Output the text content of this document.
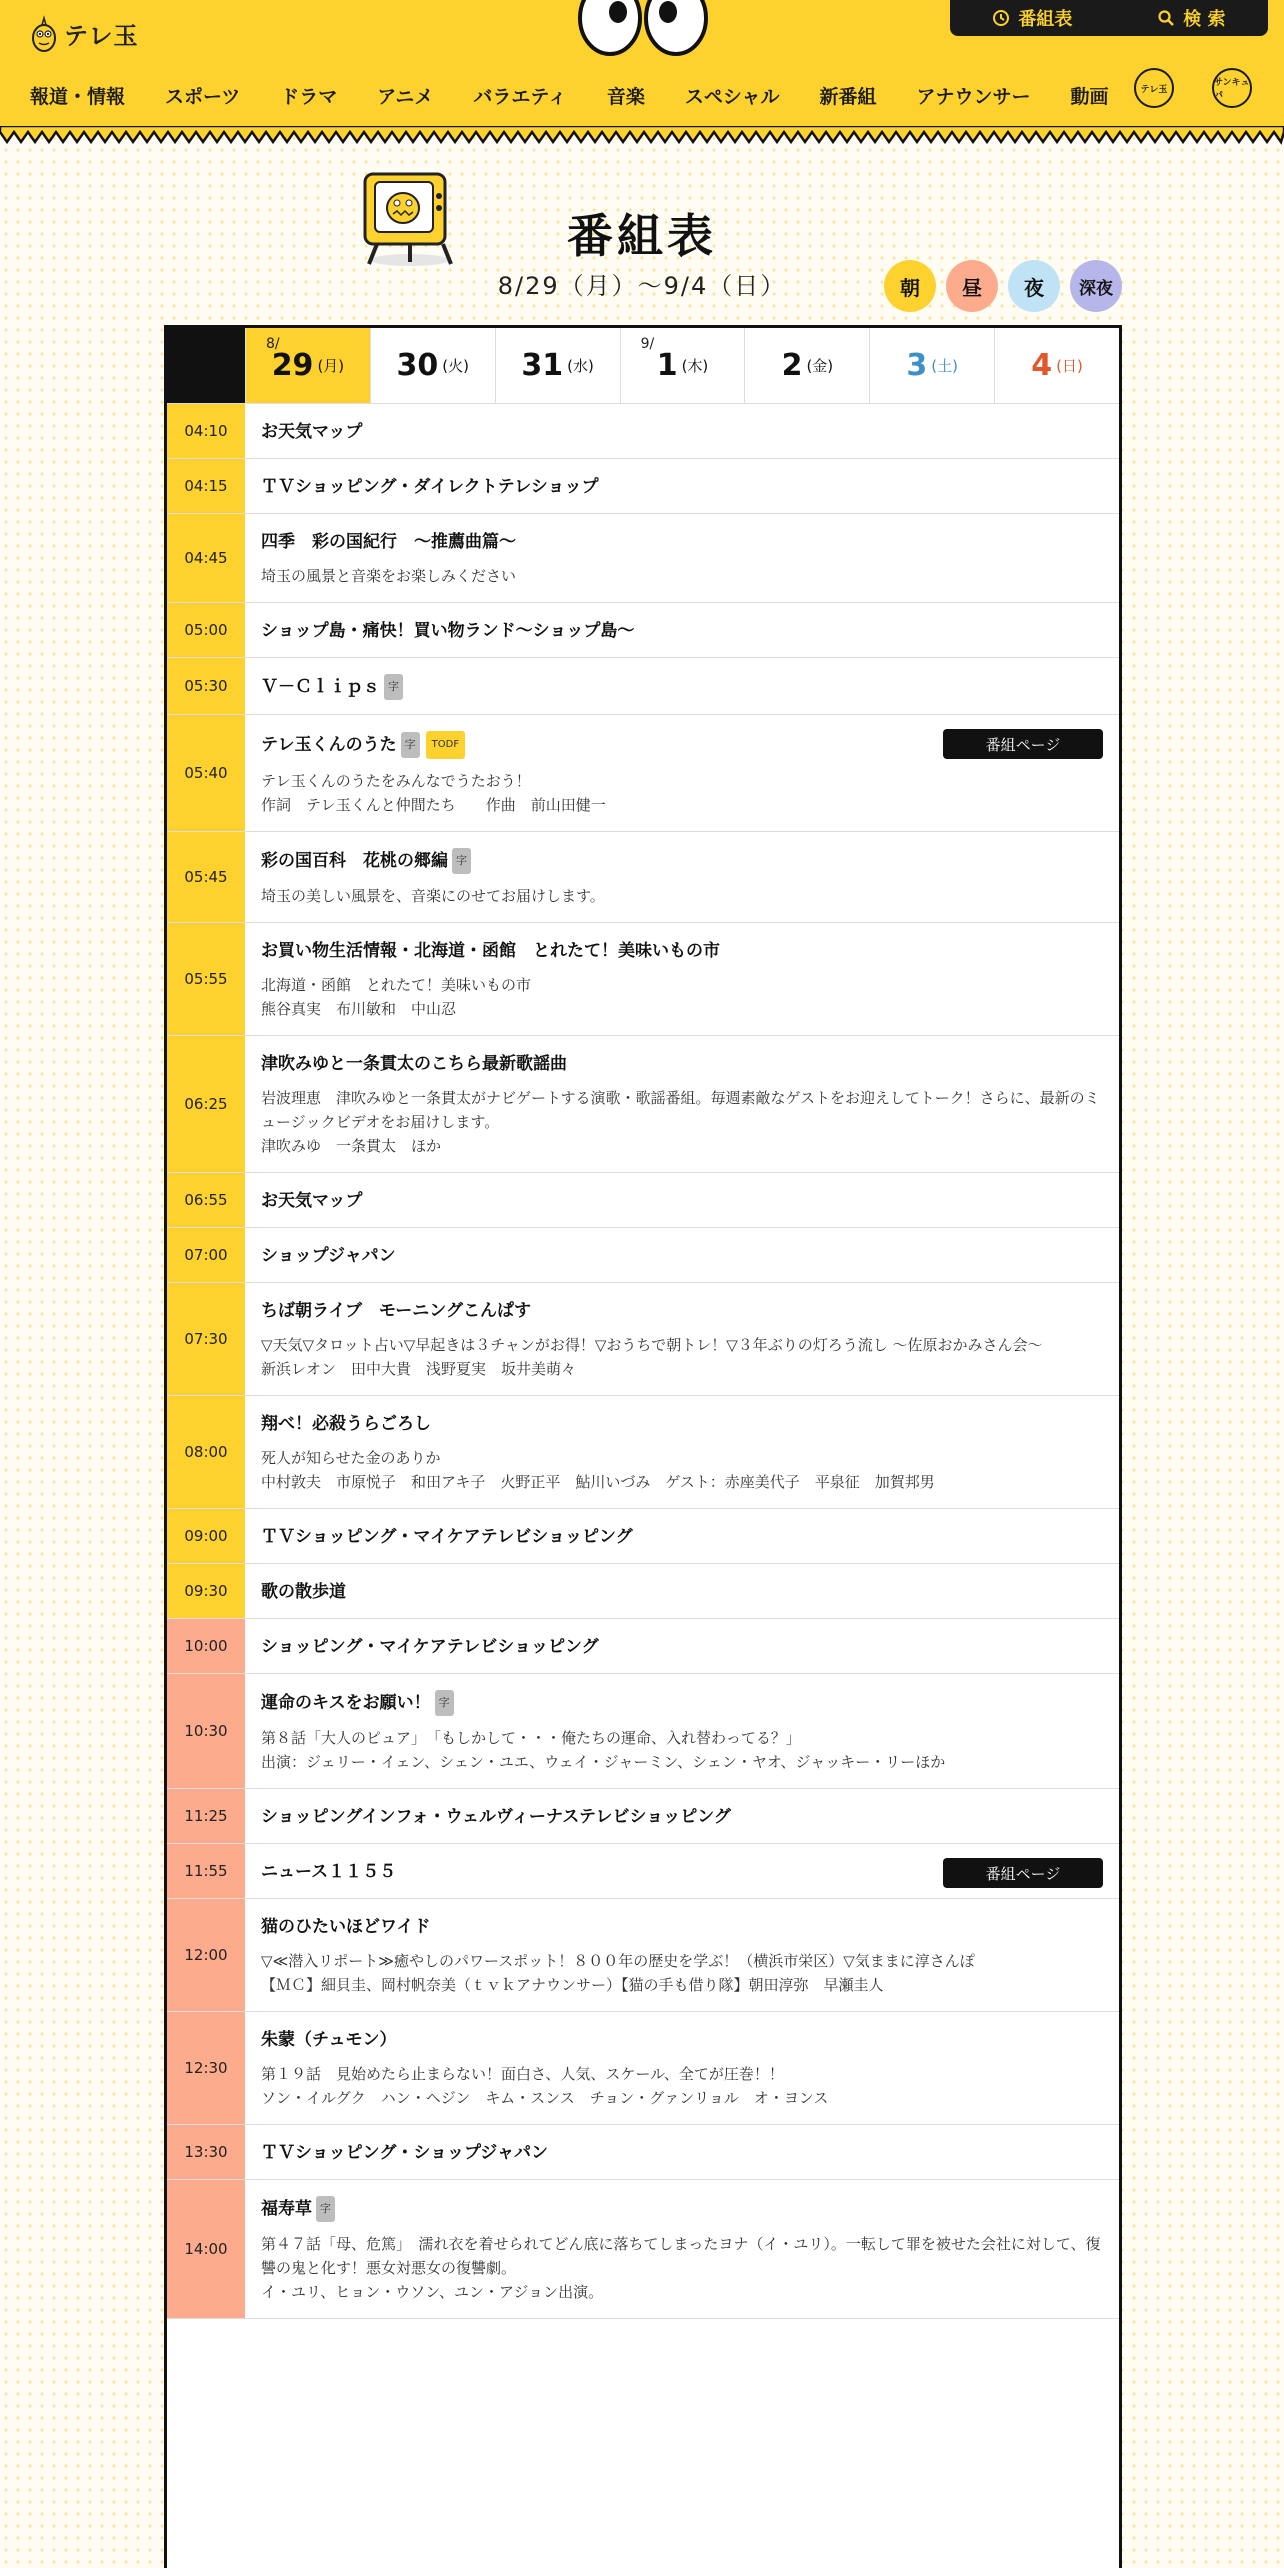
テレ玉
番組表	検 索
報道・情報 スポーツ ドラマ アニメ バラエティ 音楽 スペシャル 新番組 アナウンサー 動画	テレ玉
サンキュパ
番組表
8/29（月）〜9/4（日）	朝	昼	夜	深夜
8/
29 (月) 30 (火) 31 (水)
9/
1 (木) 2 (金) 3 (土) 4 (日)
04:10	お天気マップ
04:15	ＴＶショッピング・ダイレクトテレショップ
04:45
四季　彩の国紀行　～推薦曲篇～
埼玉の風景と音楽をお楽しみください
05:00	ショップ島・痛快！買い物ランド～ショップ島～
05:30	Ｖ－Ｃｌｉｐｓ 字
05:40
テレ玉くんのうた 字 TODF
テレ玉くんのうたをみんなでうたおう！
作詞　テレ玉くんと仲間たち　　作曲　前山田健一
番組ページ
05:45
彩の国百科　花桃の郷編 字
埼玉の美しい風景を、音楽にのせてお届けします。
05:55
お買い物生活情報・北海道・函館　とれたて！美味いもの市
北海道・函館　とれたて！美味いもの市
熊谷真実　布川敏和　中山忍
06:25
津吹みゆと一条貫太のこちら最新歌謡曲
岩波理恵　津吹みゆと一条貫太がナビゲートする演歌・歌謡番組。毎週素敵なゲストをお迎えしてトーク！さらに、最新のミュージックビデオをお届けします。
津吹みゆ　一条貫太　ほか
06:55	お天気マップ
07:00	ショップジャパン
07:30
ちば朝ライブ　モーニングこんぱす
▽天気▽タロット占い▽早起きは３チャンがお得！▽おうちで朝トレ！▽３年ぶりの灯ろう流し ～佐原おかみさん会～
新浜レオン　田中大貴　浅野夏実　坂井美萌々
08:00
翔べ！必殺うらごろし
死人が知らせた金のありか
中村敦夫　市原悦子　和田アキ子　火野正平　鮎川いづみ　ゲスト：赤座美代子　平泉征　加賀邦男
09:00	ＴＶショッピング・マイケアテレビショッピング
09:30	歌の散歩道
10:00	ショッピング・マイケアテレビショッピング
10:30
運命のキスをお願い！ 字
第８話「大人のピュア」　「もしかして・・・俺たちの運命、入れ替わってる？」
出演：ジェリー・イェン、シェン・ユエ、ウェイ・ジャーミン、シェン・ヤオ、ジャッキー・リーほか
11:25	ショッピングインフォ・ウェルヴィーナステレビショッピング
11:55	ニュース１１５５	番組ページ
12:00
猫のひたいほどワイド
▽≪潜入リポート≫癒やしのパワースポット！８００年の歴史を学ぶ！（横浜市栄区）▽気ままに淳さんぽ
【ＭＣ】細貝圭、岡村帆奈美（ｔｖｋアナウンサー）【猫の手も借り隊】朝田淳弥　早瀬圭人
12:30
朱蒙（チュモン）
第１９話　見始めたら止まらない！面白さ、人気、スケール、全てが圧巻！！
ソン・イルグク　ハン・ヘジン　キム・スンス　チョン・グァンリョル　オ・ヨンス
13:30	ＴＶショッピング・ショップジャパン
14:00
福寿草 字
第４７話「母、危篤」　濡れ衣を着せられてどん底に落ちてしまったヨナ（イ・ユリ）。一転して罪を被せた会社に対して、復讐の鬼と化す！悪女対悪女の復讐劇。
イ・ユリ、ヒョン・ウソン、ユン・アジョン出演。
